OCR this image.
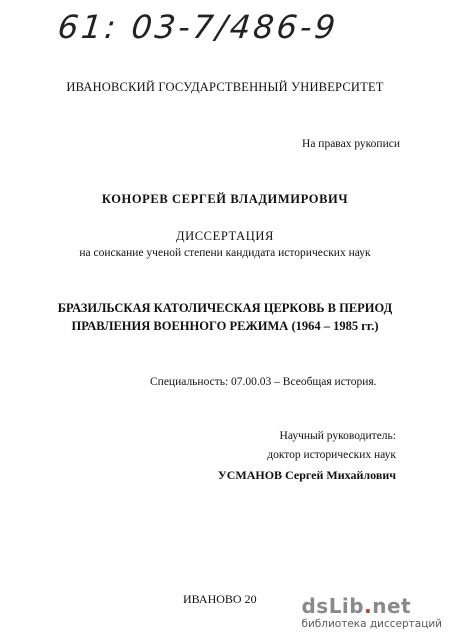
61: 03-7/486-9
ИВАНОВСКИЙ ГОСУДАРСТВЕННЫЙ УНИВЕРСИТЕТ
На правах рукописи
КОНОРЕВ СЕРГЕЙ ВЛАДИМИРОВИЧ
ДИССЕРТАЦИЯ
на соискание ученой степени кандидата исторических наук
БРАЗИЛЬСКАЯ КАТОЛИЧЕСКАЯ ЦЕРКОВЬ В ПЕРИОД
ПРАВЛЕНИЯ ВОЕННОГО РЕЖИМА (1964 – 1985 гг.)
Специальность: 07.00.03 – Всеобщая история.
Научный руководитель:
доктор исторических наук
УСМАНОВ Сергей Михайлович
ИВАНОВО 20 dsLib.net
библиотека диссертаций
